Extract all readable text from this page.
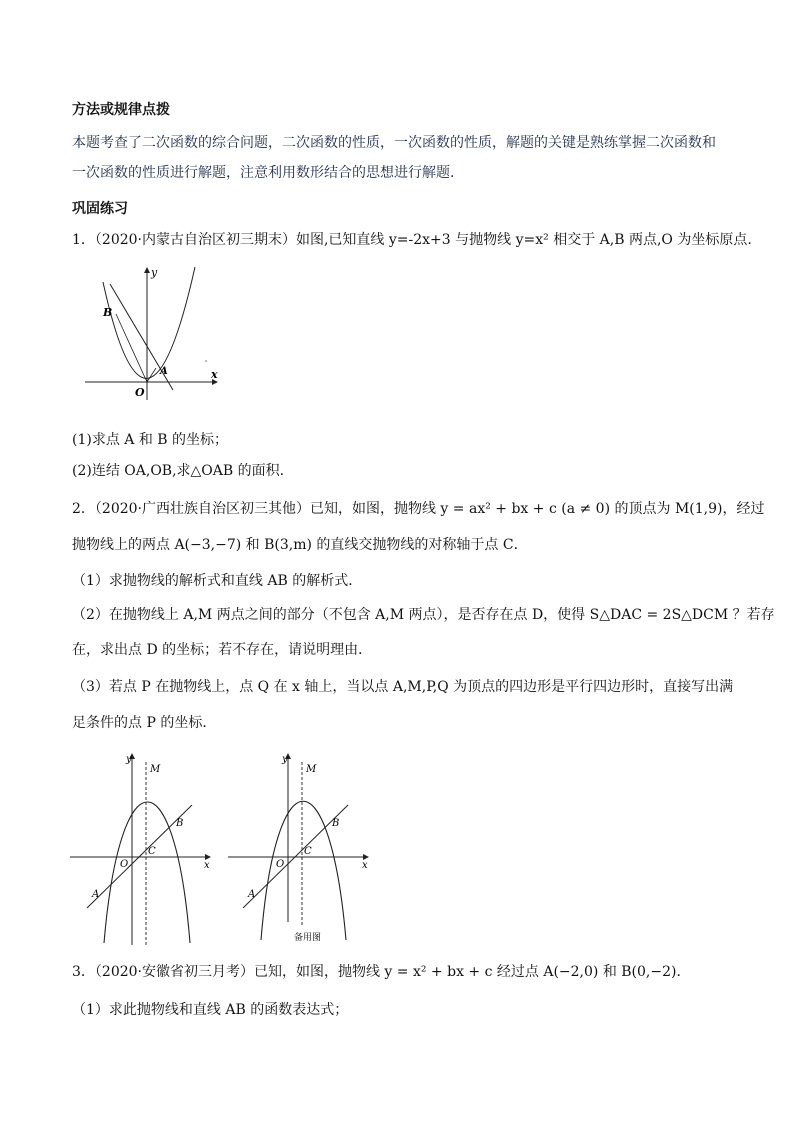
方法或规律点拨
本题考查了二次函数的综合问题，二次函数的性质，一次函数的性质，解题的关键是熟练掌握二次函数和
一次函数的性质进行解题，注意利用数形结合的思想进行解题．
巩固练习
1．（2020·内蒙古自治区初三期末）如图,已知直线 y=-2x+3 与抛物线 y=x² 相交于 A,B 两点,O 为坐标原点.
y
x
B
A
O
(1)求点 A 和 B 的坐标；
(2)连结 OA,OB,求△OAB 的面积.
2．（2020·广西壮族自治区初三其他）已知，如图，抛物线 y = ax² + bx + c (a ≠ 0) 的顶点为 M(1,9)，经过
抛物线上的两点 A(−3,−7) 和 B(3,m) 的直线交抛物线的对称轴于点 C．
（1）求抛物线的解析式和直线 AB 的解析式．
（2）在抛物线上 A,M 两点之间的部分（不包含 A,M 两点），是否存在点 D，使得 S△DAC = 2S△DCM ？若存
在，求出点 D 的坐标；若不存在，请说明理由．
（3）若点 P 在抛物线上，点 Q 在 x 轴上，当以点 A,M,P,Q 为顶点的四边形是平行四边形时，直接写出满
足条件的点 P 的坐标．
y
x
M
B
C
O
A
y
x
M
B
C
O
A
备用图
3．（2020·安徽省初三月考）已知，如图，抛物线 y = x² + bx + c 经过点 A(−2,0) 和 B(0,−2)．
（1）求此抛物线和直线 AB 的函数表达式；
